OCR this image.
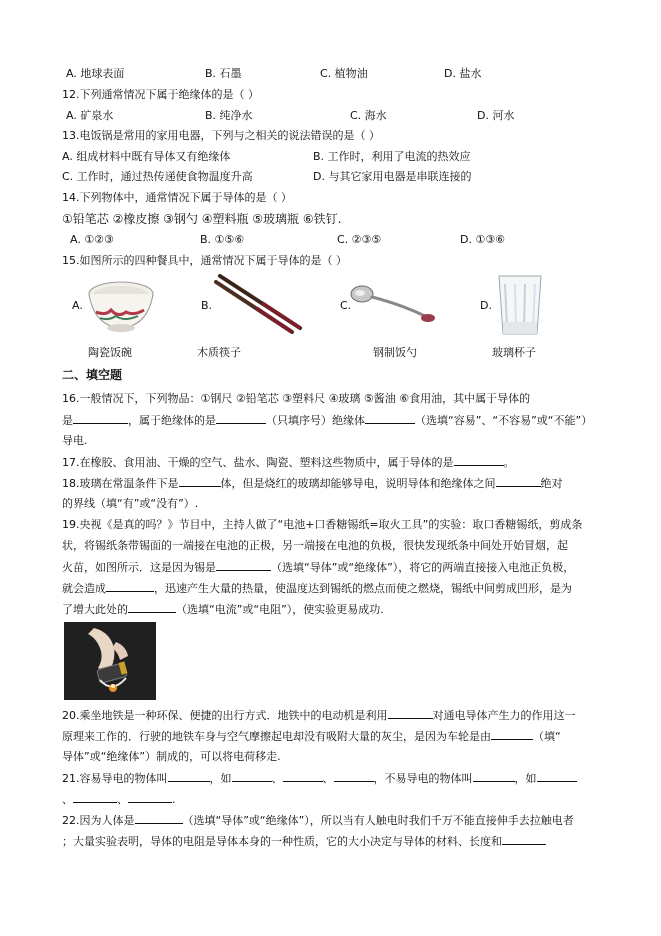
A. 地球表面	B. 石墨	C. 植物油	D. 盐水
12.下列通常情况下属于绝缘体的是（ ）
A. 矿泉水	B. 纯净水	C. 海水	D. 河水
13.电饭锅是常用的家用电器，下列与之相关的说法错误的是（ ）
A. 组成材料中既有导体又有绝缘体	B. 工作时，利用了电流的热效应
C. 工作时，通过热传递使食物温度升高	D. 与其它家用电器是串联连接的
14.下列物体中，通常情况下属于导体的是（ ）
①铅笔芯 ②橡皮擦 ③钢勺 ④塑料瓶 ⑤玻璃瓶 ⑥铁钉.
A. ①②③	B. ①⑤⑥	C. ②③⑤	D. ①③⑥
15.如图所示的四种餐具中，通常情况下属于导体的是（ ）
A.
陶瓷饭碗
B.
木质筷子
C.
钢制饭勺
D.
玻璃杯子
二、填空题
16.一般情况下，下列物品：①钢尺 ②铅笔芯 ③塑料尺 ④玻璃 ⑤酱油 ⑥食用油，其中属于导体的
是	，属于绝缘体的是	（只填序号）绝缘体	（选填“容易”、“不容易”或“不能”）
导电.
17.在橡胶、食用油、干燥的空气、盐水、陶瓷、塑料这些物质中，属于导体的是	。
18.玻璃在常温条件下是	体，但是烧红的玻璃却能够导电，说明导体和绝缘体之间	绝对
的界线（填“有”或“没有”）.
19.央视《是真的吗？》节目中，主持人做了“电池+口香糖锡纸=取火工具”的实验：取口香糖锡纸，剪成条
状，将锡纸条带锡面的一端接在电池的正极，另一端接在电池的负极，很快发现纸条中间处开始冒烟，起
火苗，如图所示．这是因为锡是	（选填“导体”或“绝缘体”），将它的两端直接接入电池正负极，
就会造成	，迅速产生大量的热量，使温度达到锡纸的燃点而使之燃烧，锡纸中间剪成凹形，是为
了增大此处的	（选填“电流”或“电阻”），使实验更易成功.
20.乘坐地铁是一种环保、便捷的出行方式．地铁中的电动机是利用	对通电导体产生力的作用这一
原理来工作的．行驶的地铁车身与空气摩擦起电却没有吸附大量的灰尘，是因为车轮是由	（填“
导体”或“绝缘体”）制成的，可以将电荷移走.
21.容易导电的物体叫	，如	、	、	，不易导电的物体叫	，如
、	、	.
22.因为人体是	（选填“导体”或“绝缘体”），所以当有人触电时我们千万不能直接伸手去拉触电者
；大量实验表明，导体的电阻是导体本身的一种性质，它的大小决定与导体的材料、长度和
